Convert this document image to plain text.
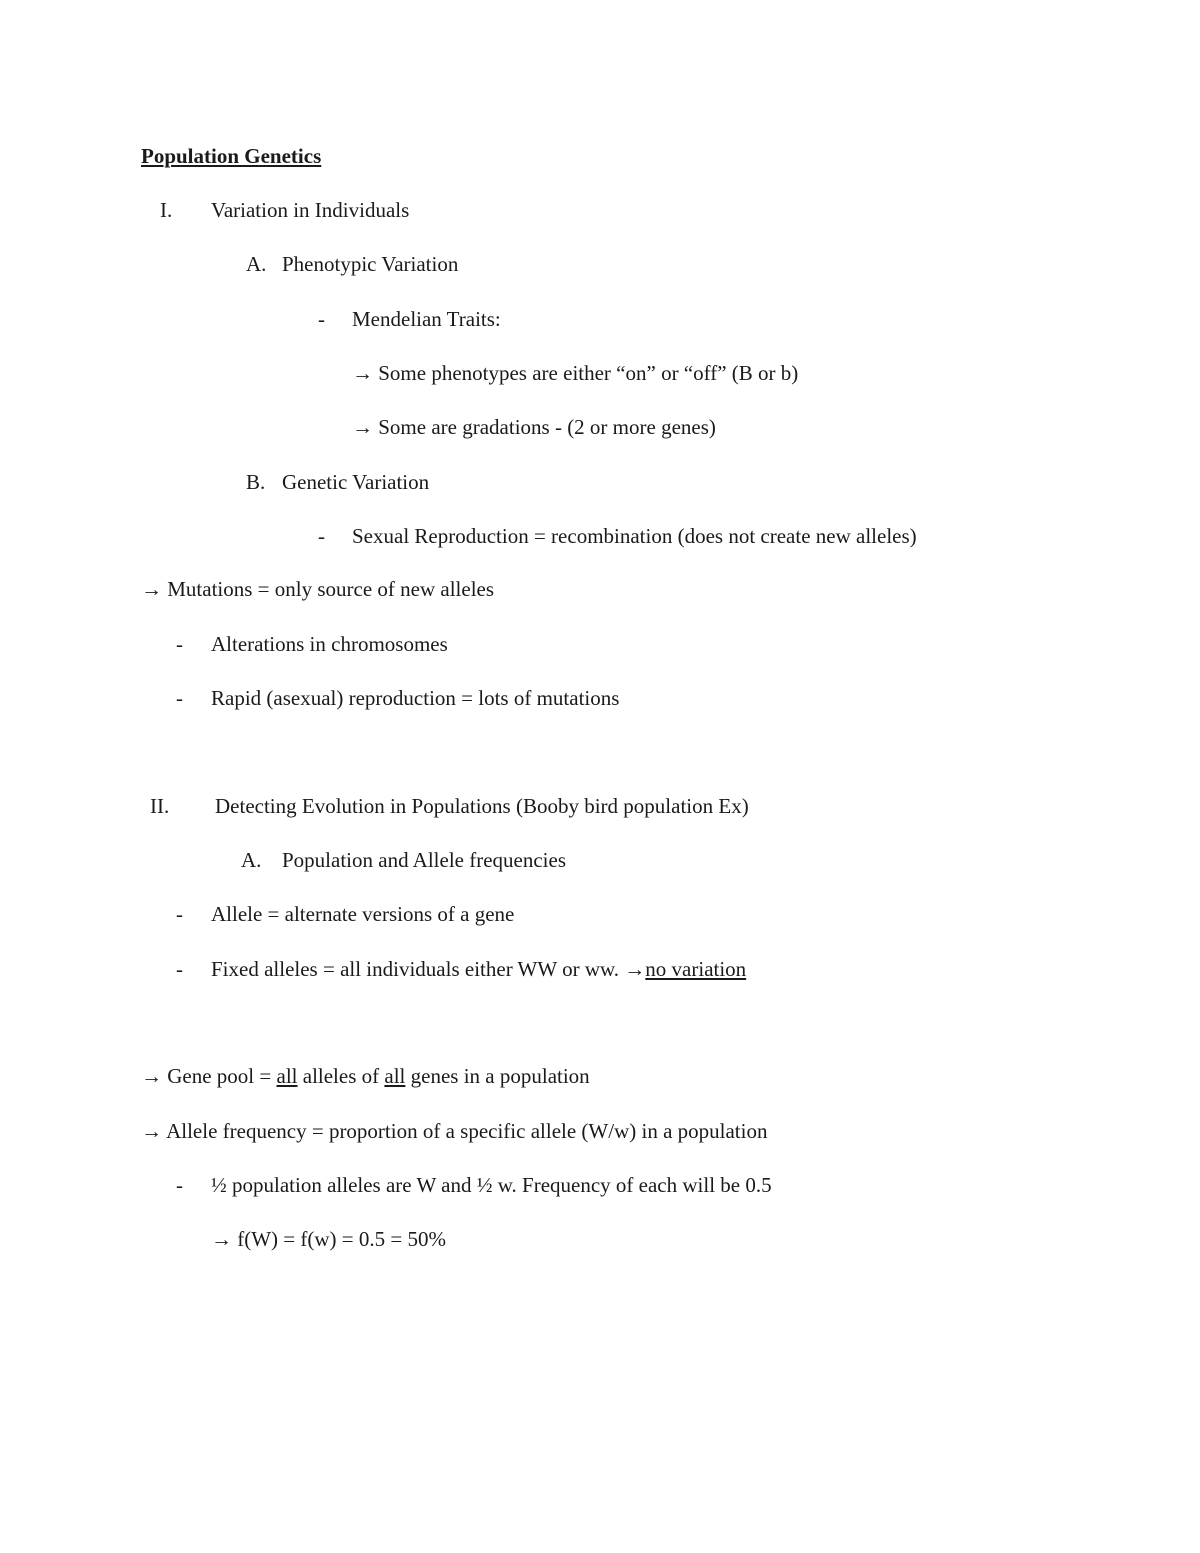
Population Genetics
I. Variation in Individuals
A. Phenotypic Variation
- Mendelian Traits:
→ Some phenotypes are either “on” or “off” (B or b)
→ Some are gradations - (2 or more genes)
B. Genetic Variation
- Sexual Reproduction = recombination (does not create new alleles)
→ Mutations = only source of new alleles
- Alterations in chromosomes
- Rapid (asexual) reproduction = lots of mutations
II. Detecting Evolution in Populations (Booby bird population Ex)
A. Population and Allele frequencies
- Allele = alternate versions of a gene
- Fixed alleles = all individuals either WW or ww. →no variation
→ Gene pool = all alleles of all genes in a population
→ Allele frequency = proportion of a specific allele (W/w) in a population
- ½ population alleles are W and ½ w. Frequency of each will be 0.5
→ f(W) = f(w) = 0.5 = 50%
